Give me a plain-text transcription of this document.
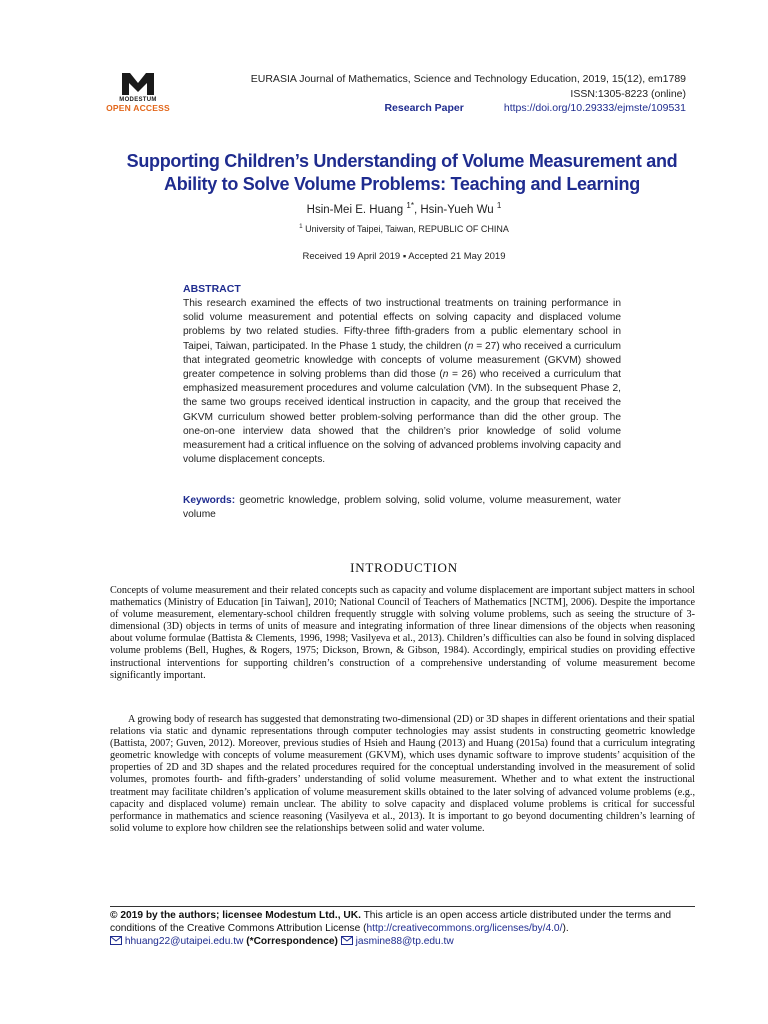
MODESTUM
OPEN ACCESS
EURASIA Journal of Mathematics, Science and Technology Education, 2019, 15(12), em1789
ISSN:1305-8223 (online)
Research Paper	https://doi.org/10.29333/ejmste/109531
Supporting Children’s Understanding of Volume Measurement and
Ability to Solve Volume Problems: Teaching and Learning
Hsin-Mei E. Huang $^{1*}$, Hsin-Yueh Wu $^1$
$^1$ University of Taipei, Taiwan, REPUBLIC OF CHINA
Received 19 April 2019 ▪ Accepted 21 May 2019
ABSTRACT
This research examined the effects of two instructional treatments on training performance in solid volume measurement and potential effects on solving capacity and displaced volume problems by two related studies. Fifty-three fifth-graders from a public elementary school in Taipei, Taiwan, participated. In the Phase 1 study, the children (n = 27) who received a curriculum that integrated geometric knowledge with concepts of volume measurement (GKVM) showed greater competence in solving problems than did those (n = 26) who received a curriculum that emphasized measurement procedures and volume calculation (VM). In the subsequent Phase 2, the same two groups received identical instruction in capacity, and the group that received the GKVM curriculum showed better problem-solving performance than did the other group. The one-on-one interview data showed that the children’s prior knowledge of solid volume measurement had a critical influence on the solving of advanced problems involving capacity and volume displacement concepts.
Keywords: geometric knowledge, problem solving, solid volume, volume measurement, water volume
INTRODUCTION
Concepts of volume measurement and their related concepts such as capacity and volume displacement are important subject matters in school mathematics (Ministry of Education [in Taiwan], 2010; National Council of Teachers of Mathematics [NCTM], 2006). Despite the importance of volume measurement, elementary-school children frequently struggle with solving volume problems, such as seeing the structure of 3-dimensional (3D) objects in terms of units of measure and integrating information of three linear dimensions of the objects when reasoning about volume formulae (Battista & Clements, 1996, 1998; Vasilyeva et al., 2013). Children’s difficulties can also be found in solving displaced volume problems (Bell, Hughes, & Rogers, 1975; Dickson, Brown, & Gibson, 1984). Accordingly, empirical studies on providing effective instructional interventions for supporting children’s construction of a comprehensive understanding of volume measurement become significantly important.
A growing body of research has suggested that demonstrating two-dimensional (2D) or 3D shapes in different orientations and their spatial relations via static and dynamic representations through computer technologies may assist students in constructing geometric knowledge (Battista, 2007; Guven, 2012). Moreover, previous studies of Hsieh and Haung (2013) and Huang (2015a) found that a curriculum integrating geometric knowledge with concepts of volume measurement (GKVM), which uses dynamic software to improve students’ acquisition of the properties of 2D and 3D shapes and the related procedures required for the conceptual understanding involved in the measurement of solid volumes, promotes fourth- and fifth-graders’ understanding of solid volume measurement. Whether and to what extent the instructional treatment may facilitate children’s application of volume measurement skills obtained to the later solving of advanced volume problems (e.g., capacity and displaced volume) remain unclear. The ability to solve capacity and displaced volume problems is critical for successful performance in mathematics and science reasoning (Vasilyeva et al., 2013). It is important to go beyond documenting children’s learning of solid volume to explore how children see the relationships between solid and water volume.
© 2019 by the authors; licensee Modestum Ltd., UK. This article is an open access article distributed under the terms and conditions of the Creative Commons Attribution License (http://creativecommons.org/licenses/by/4.0/).
hhuang22@utaipei.edu.tw (*Correspondence)  jasmine88@tp.edu.tw
